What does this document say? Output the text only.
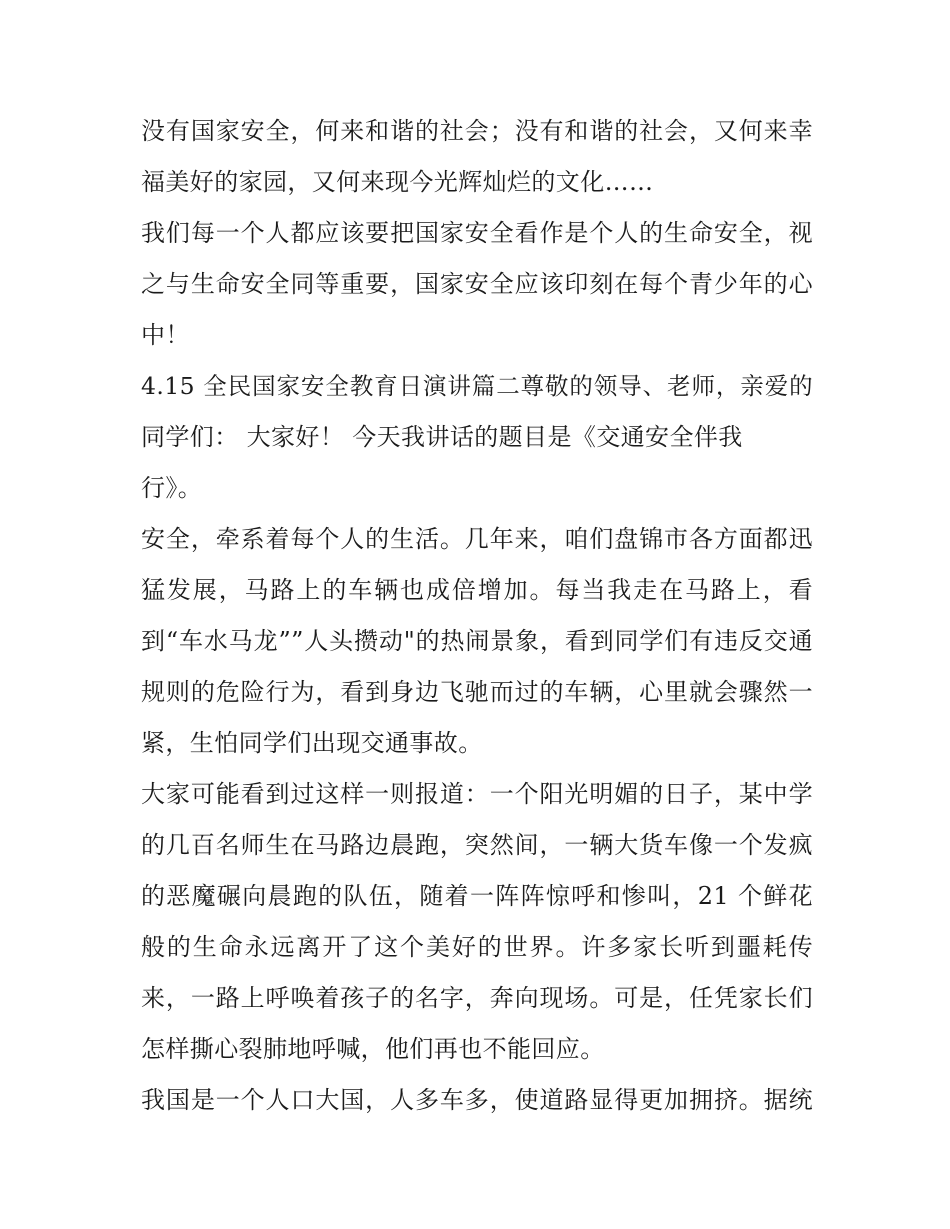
没有国家安全，何来和谐的社会；没有和谐的社会，又何来幸
福美好的家园，又何来现今光辉灿烂的文化……
我们每一个人都应该要把国家安全看作是个人的生命安全，视
之与生命安全同等重要，国家安全应该印刻在每个青少年的心
中！
4.15 全民国家安全教育日演讲篇二尊敬的领导、老师，亲爱的
同学们： 大家好！ 今天我讲话的题目是《交通安全伴我
行》。
安全，牵系着每个人的生活。几年来，咱们盘锦市各方面都迅
猛发展，马路上的车辆也成倍增加。每当我走在马路上，看
到“车水马龙””人头攒动"的热闹景象，看到同学们有违反交通
规则的危险行为，看到身边飞驰而过的车辆，心里就会骤然一
紧，生怕同学们出现交通事故。
大家可能看到过这样一则报道：一个阳光明媚的日子，某中学
的几百名师生在马路边晨跑，突然间，一辆大货车像一个发疯
的恶魔碾向晨跑的队伍，随着一阵阵惊呼和惨叫，21 个鲜花
般的生命永远离开了这个美好的世界。许多家长听到噩耗传
来，一路上呼唤着孩子的名字，奔向现场。可是，任凭家长们
怎样撕心裂肺地呼喊，他们再也不能回应。
我国是一个人口大国，人多车多，使道路显得更加拥挤。据统
